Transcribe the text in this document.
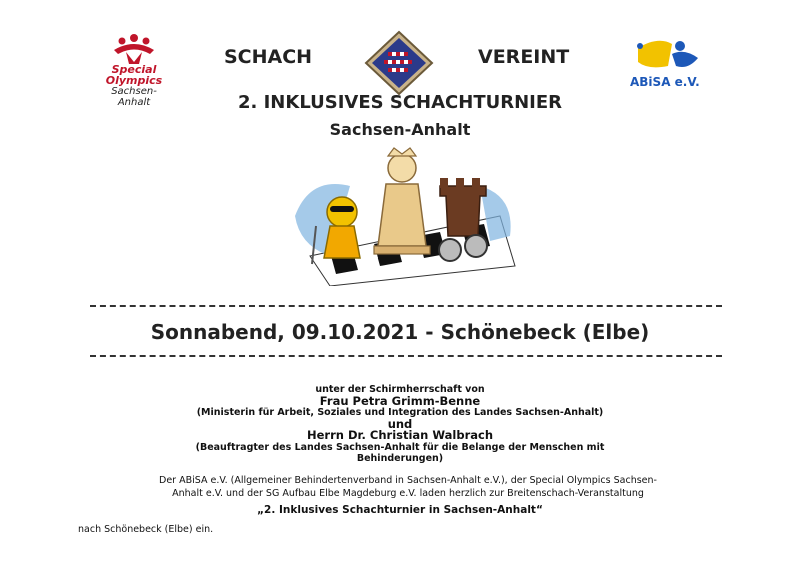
Special
Olympics
Sachsen-
Anhalt
SCHACH	VEREINT
ABiSA e.V.
2. INKLUSIVES SCHACHTURNIER
Sachsen-Anhalt
Sonnabend, 09.10.2021 - Schönebeck (Elbe)
unter der Schirmherrschaft von
Frau Petra Grimm-Benne
(Ministerin für Arbeit, Soziales und Integration des Landes Sachsen-Anhalt)
und
Herrn Dr. Christian Walbrach
(Beauftragter des Landes Sachsen-Anhalt für die Belange der Menschen mit
Behinderungen)
Der ABiSA e.V. (Allgemeiner Behindertenverband in Sachsen-Anhalt e.V.), der Special Olympics Sachsen-
Anhalt e.V. und der SG Aufbau Elbe Magdeburg e.V. laden herzlich zur Breitenschach-Veranstaltung
„2. Inklusives Schachturnier in Sachsen-Anhalt“
nach Schönebeck (Elbe) ein.
